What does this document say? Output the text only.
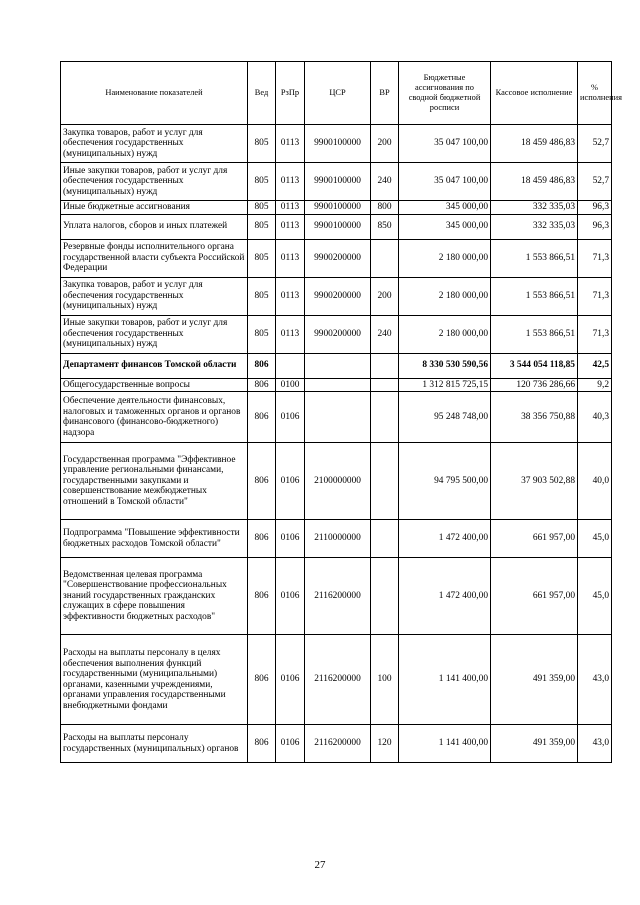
Наименование показателей	Вед	РзПр	ЦСР	ВР	Бюджетные ассигнования по сводной бюджетной росписи	Кассовое исполнение	% исполнения
Закупка товаров, работ и услуг для обеспечения государственных (муниципальных) нужд	805	0113	9900100000	200	35 047 100,00	18 459 486,83	52,7
Иные закупки товаров, работ и услуг для обеспечения государственных (муниципальных) нужд	805	0113	9900100000	240	35 047 100,00	18 459 486,83	52,7
Иные бюджетные ассигнования	805	0113	9900100000	800	345 000,00	332 335,03	96,3
Уплата налогов, сборов и иных платежей	805	0113	9900100000	850	345 000,00	332 335,03	96,3
Резервные фонды исполнительного органа государственной власти субъекта Российской Федерации	805	0113	9900200000		2 180 000,00	1 553 866,51	71,3
Закупка товаров, работ и услуг для обеспечения государственных (муниципальных) нужд	805	0113	9900200000	200	2 180 000,00	1 553 866,51	71,3
Иные закупки товаров, работ и услуг для обеспечения государственных (муниципальных) нужд	805	0113	9900200000	240	2 180 000,00	1 553 866,51	71,3
Департамент финансов Томской области	806				8 330 530 590,56	3 544 054 118,85	42,5
Общегосударственные вопросы	806	0100			1 312 815 725,15	120 736 286,66	9,2
Обеспечение деятельности финансовых, налоговых и таможенных органов и органов финансового (финансово-бюджетного) надзора	806	0106			95 248 748,00	38 356 750,88	40,3
Государственная программа "Эффективное управление региональными финансами, государственными закупками и совершенствование межбюджетных отношений в Томской области"	806	0106	2100000000		94 795 500,00	37 903 502,88	40,0
Подпрограмма "Повышение эффективности бюджетных расходов Томской области"	806	0106	2110000000		1 472 400,00	661 957,00	45,0
Ведомственная целевая программа "Совершенствование профессиональных знаний государственных гражданских служащих в сфере повышения эффективности бюджетных расходов"	806	0106	2116200000		1 472 400,00	661 957,00	45,0
Расходы на выплаты персоналу в целях обеспечения выполнения функций государственными (муниципальными) органами, казенными учреждениями, органами управления государственными внебюджетными фондами	806	0106	2116200000	100	1 141 400,00	491 359,00	43,0
Расходы на выплаты персоналу государственных (муниципальных) органов	806	0106	2116200000	120	1 141 400,00	491 359,00	43,0
27
